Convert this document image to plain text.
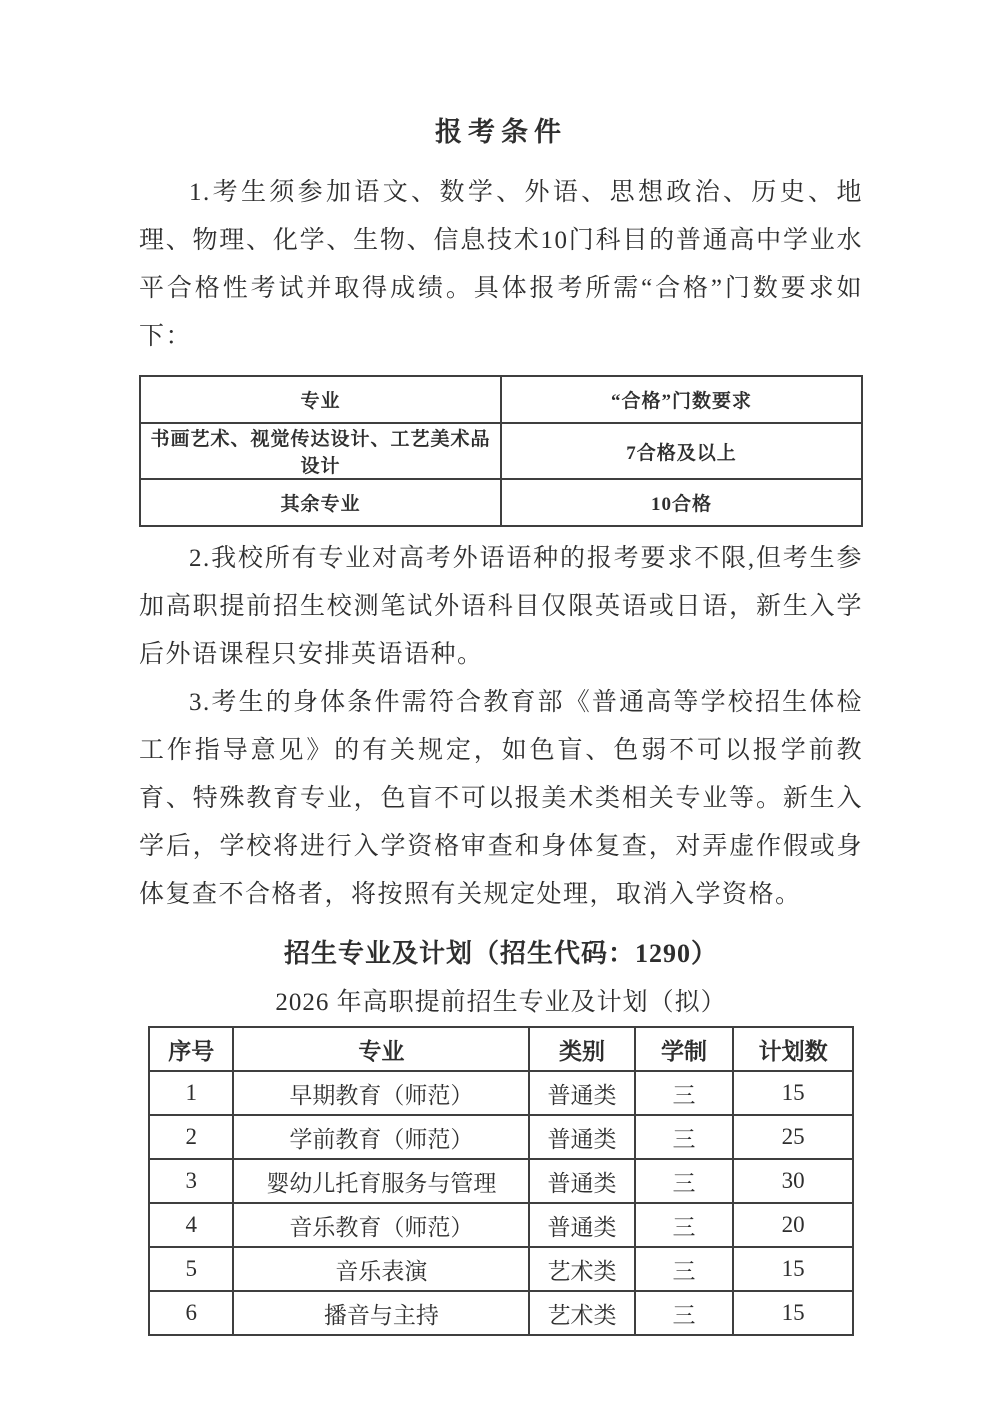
报考条件

1.考生须参加语文、数学、外语、思想政治、历史、地理、物理、化学、生物、信息技术10门科目的普通高中学业水平合格性考试并取得成绩。具体报考所需“合格”门数要求如下：

专业	“合格”门数要求
书画艺术、视觉传达设计、工艺美术品设计	7合格及以上
其余专业	10合格

2.我校所有专业对高考外语语种的报考要求不限,但考生参加高职提前招生校测笔试外语科目仅限英语或日语，新生入学后外语课程只安排英语语种。

3.考生的身体条件需符合教育部《普通高等学校招生体检工作指导意见》的有关规定，如色盲、色弱不可以报学前教育、特殊教育专业，色盲不可以报美术类相关专业等。新生入学后，学校将进行入学资格审查和身体复查，对弄虚作假或身体复查不合格者，将按照有关规定处理，取消入学资格。

招生专业及计划（招生代码：1290）
2026 年高职提前招生专业及计划（拟）
序号	专业	类别	学制	计划数
1	早期教育（师范）	普通类	三	15
2	学前教育（师范）	普通类	三	25
3	婴幼儿托育服务与管理	普通类	三	30
4	音乐教育（师范）	普通类	三	20
5	音乐表演	艺术类	三	15
6	播音与主持	艺术类	三	15
